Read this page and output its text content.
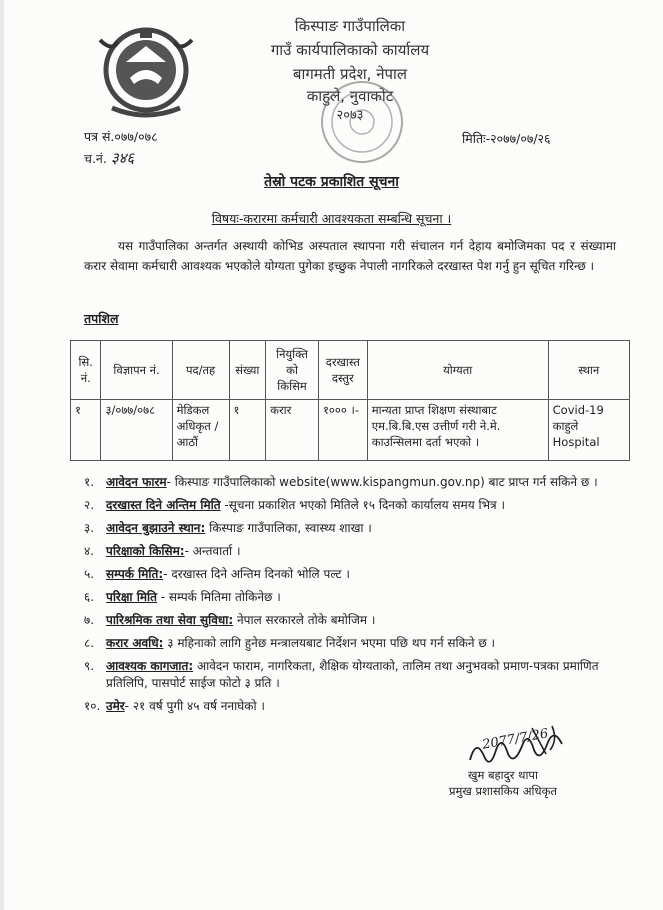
किस्पाङ गाउँपालिका
गाउँ कार्यपालिकाको कार्यालय
बागमती प्रदेश, नेपाल
काहुले, नुवाकोट
२०७३
पत्र सं.०७७/०७८
च.नं. ३४६
मितिः-२०७७/०७/२६
तेस्रो पटक प्रकाशित सूचना
विषयः-करारमा कर्मचारी आवश्यकता सम्बन्धि सूचना ।
यस गाउँपालिका अन्तर्गत अस्थायी कोभिड अस्पताल स्थापना गरी संचालन गर्न देहाय बमोजिमका पद र संख्यामा करार सेवामा कर्मचारी आवश्यक भएकोले योग्यता पुगेका इच्छुक नेपाली नागरिकले दरखास्त पेश गर्नु हुन सूचित गरिन्छ ।
तपशिल
सि. नं.	विज्ञापन नं.	पद/तह	संख्या	नियुक्ति को किसिम	दरखास्त दस्तुर	योग्यता	स्थान
१	३/०७७/०७८	मेडिकल अधिकृत /आठौं	१	करार	१००० ।-	मान्यता प्राप्त शिक्षण संस्थाबाट एम.बि.बि.एस उत्तीर्ण गरी ने.मे. काउन्सिलमा दर्ता भएको ।	Covid-19 काहुले Hospital
१. आवेदन फारम- किस्पाङ गाउँपालिकाको website(www.kispangmun.gov.np) बाट प्राप्त गर्न सकिने छ ।
२. दरखास्त दिने अन्तिम मिति -सूचना प्रकाशित भएको मितिले १५ दिनको कार्यालय समय भित्र ।
३. आवेदन बुझाउने स्थान: किस्पाङ गाउँपालिका, स्वास्थ्य शाखा ।
४. परिक्षाको किसिम:- अन्तवार्ता ।
५. सम्पर्क मिति:- दरखास्त दिने अन्तिम दिनको भोलि पल्ट ।
६. परिक्षा मिति - सम्पर्क मितिमा तोकिनेछ ।
७. पारिश्रमिक तथा सेवा सुविधा: नेपाल सरकारले तोके बमोजिम ।
८. करार अवधि: ३ महिनाको लागि हुनेछ मन्त्रालयबाट निर्देशन भएमा पछि थप गर्न सकिने छ ।
९. आवश्यक कागजात: आवेदन फाराम, नागरिकता, शैक्षिक योग्यताको, तालिम तथा अनुभवको प्रमाण-पत्रका प्रमाणित प्रतिलिपि, पासपोर्ट साईज फोटो ३ प्रति ।
१०. उमेर- २१ वर्ष पुगी ४५ वर्ष ननाघेको ।
2077/7/26
खुम बहादुर थापा
प्रमुख प्रशासकिय अधिकृत
